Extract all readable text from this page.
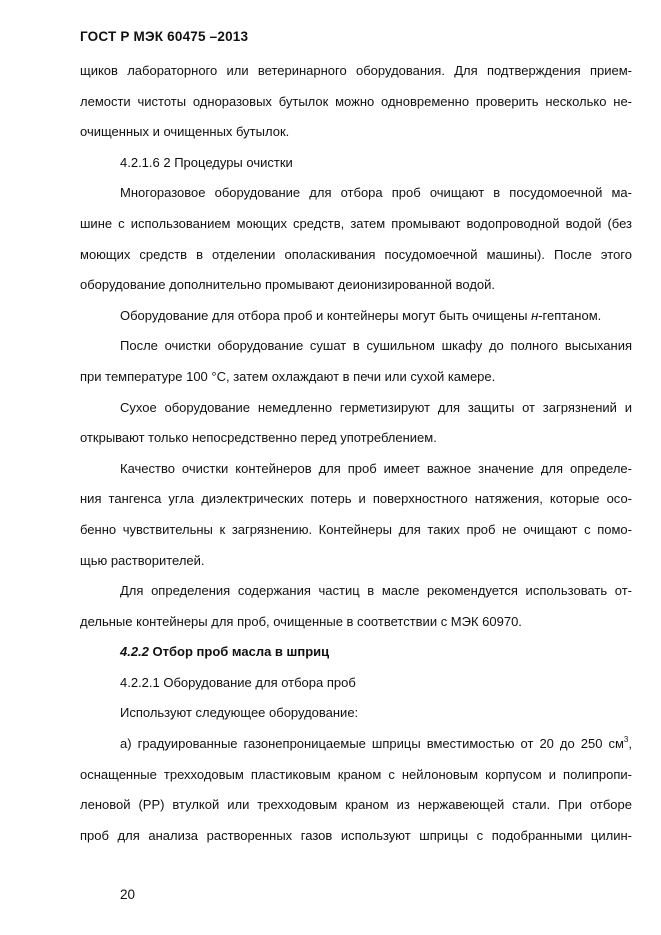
ГОСТ Р МЭК 60475 –2013
щиков лабораторного или ветеринарного оборудования. Для подтверждения прием-
лемости чистоты одноразовых бутылок можно одновременно проверить несколько не-
очищенных и очищенных бутылок.
4.2.1.6 2 Процедуры очистки
Многоразовое оборудование для отбора проб очищают в посудомоечной ма-
шине с использованием моющих средств, затем промывают водопроводной водой (без
моющих средств в отделении ополаскивания посудомоечной машины). После этого
оборудование дополнительно промывают деионизированной водой.
Оборудование для отбора проб и контейнеры могут быть очищены н-гептаном.
После очистки оборудование сушат в сушильном шкафу до полного высыхания
при температуре 100 °С, затем охлаждают в печи или сухой камере.
Сухое оборудование немедленно герметизируют для защиты от загрязнений и
открывают только непосредственно перед употреблением.
Качество очистки контейнеров для проб имеет важное значение для определе-
ния тангенса угла диэлектрических потерь и поверхностного натяжения, которые осо-
бенно чувствительны к загрязнению. Контейнеры для таких проб не очищают с помо-
щью растворителей.
Для определения содержания частиц в масле рекомендуется использовать от-
дельные контейнеры для проб, очищенные в соответствии с МЭК 60970.
4.2.2 Отбор проб масла в шприц
4.2.2.1 Оборудование для отбора проб
Используют следующее оборудование:
а) градуированные газонепроницаемые шприцы вместимостью от 20 до 250 $см^3$,
оснащенные трехходовым пластиковым краном с нейлоновым корпусом и полипропи-
леновой (РР) втулкой или трехходовым краном из нержавеющей стали. При отборе
проб для анализа растворенных газов используют шприцы с подобранными цилин-
20
